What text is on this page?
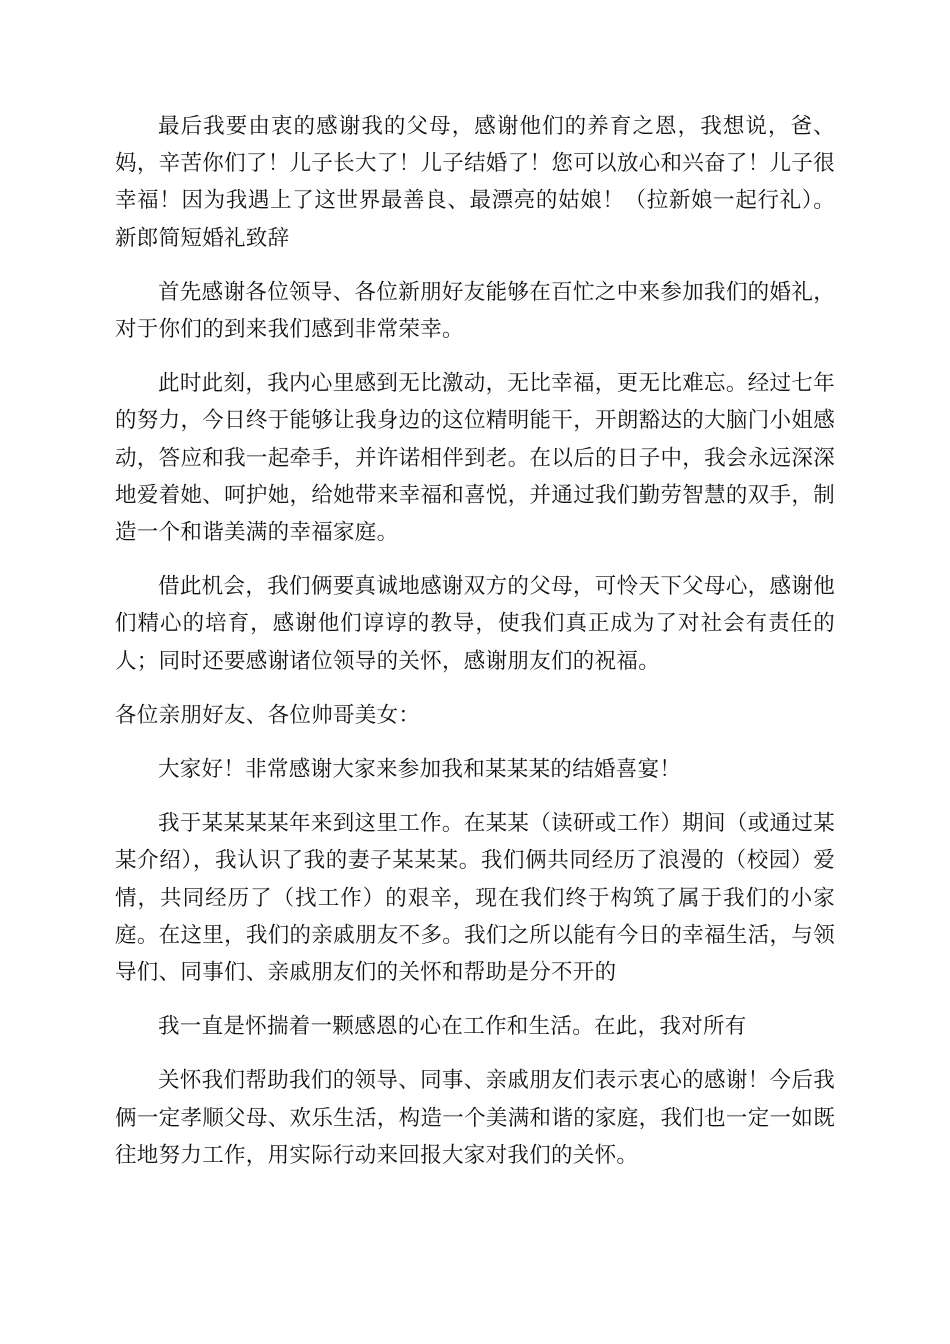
最后我要由衷的感谢我的父母，感谢他们的养育之恩，我想说，爸、妈，辛苦你们了！儿子长大了！儿子结婚了！您可以放心和兴奋了！儿子很幸福！因为我遇上了这世界最善良、最漂亮的姑娘！（拉新娘一起行礼）。新郎简短婚礼致辞

首先感谢各位领导、各位新朋好友能够在百忙之中来参加我们的婚礼，对于你们的到来我们感到非常荣幸。

此时此刻，我内心里感到无比激动，无比幸福，更无比难忘。经过七年的努力，今日终于能够让我身边的这位精明能干，开朗豁达的大脑门小姐感动，答应和我一起牵手，并许诺相伴到老。在以后的日子中，我会永远深深地爱着她、呵护她，给她带来幸福和喜悦，并通过我们勤劳智慧的双手，制造一个和谐美满的幸福家庭。

借此机会，我们俩要真诚地感谢双方的父母，可怜天下父母心，感谢他们精心的培育，感谢他们谆谆的教导，使我们真正成为了对社会有责任的人；同时还要感谢诸位领导的关怀，感谢朋友们的祝福。

各位亲朋好友、各位帅哥美女：

大家好！非常感谢大家来参加我和某某某的结婚喜宴！

我于某某某某年来到这里工作。在某某（读研或工作）期间（或通过某某介绍），我认识了我的妻子某某某。我们俩共同经历了浪漫的（校园）爱情，共同经历了（找工作）的艰辛，现在我们终于构筑了属于我们的小家庭。在这里，我们的亲戚朋友不多。我们之所以能有今日的幸福生活，与领导们、同事们、亲戚朋友们的关怀和帮助是分不开的

我一直是怀揣着一颗感恩的心在工作和生活。在此，我对所有

关怀我们帮助我们的领导、同事、亲戚朋友们表示衷心的感谢！今后我俩一定孝顺父母、欢乐生活，构造一个美满和谐的家庭，我们也一定一如既往地努力工作，用实际行动来回报大家对我们的关怀。
